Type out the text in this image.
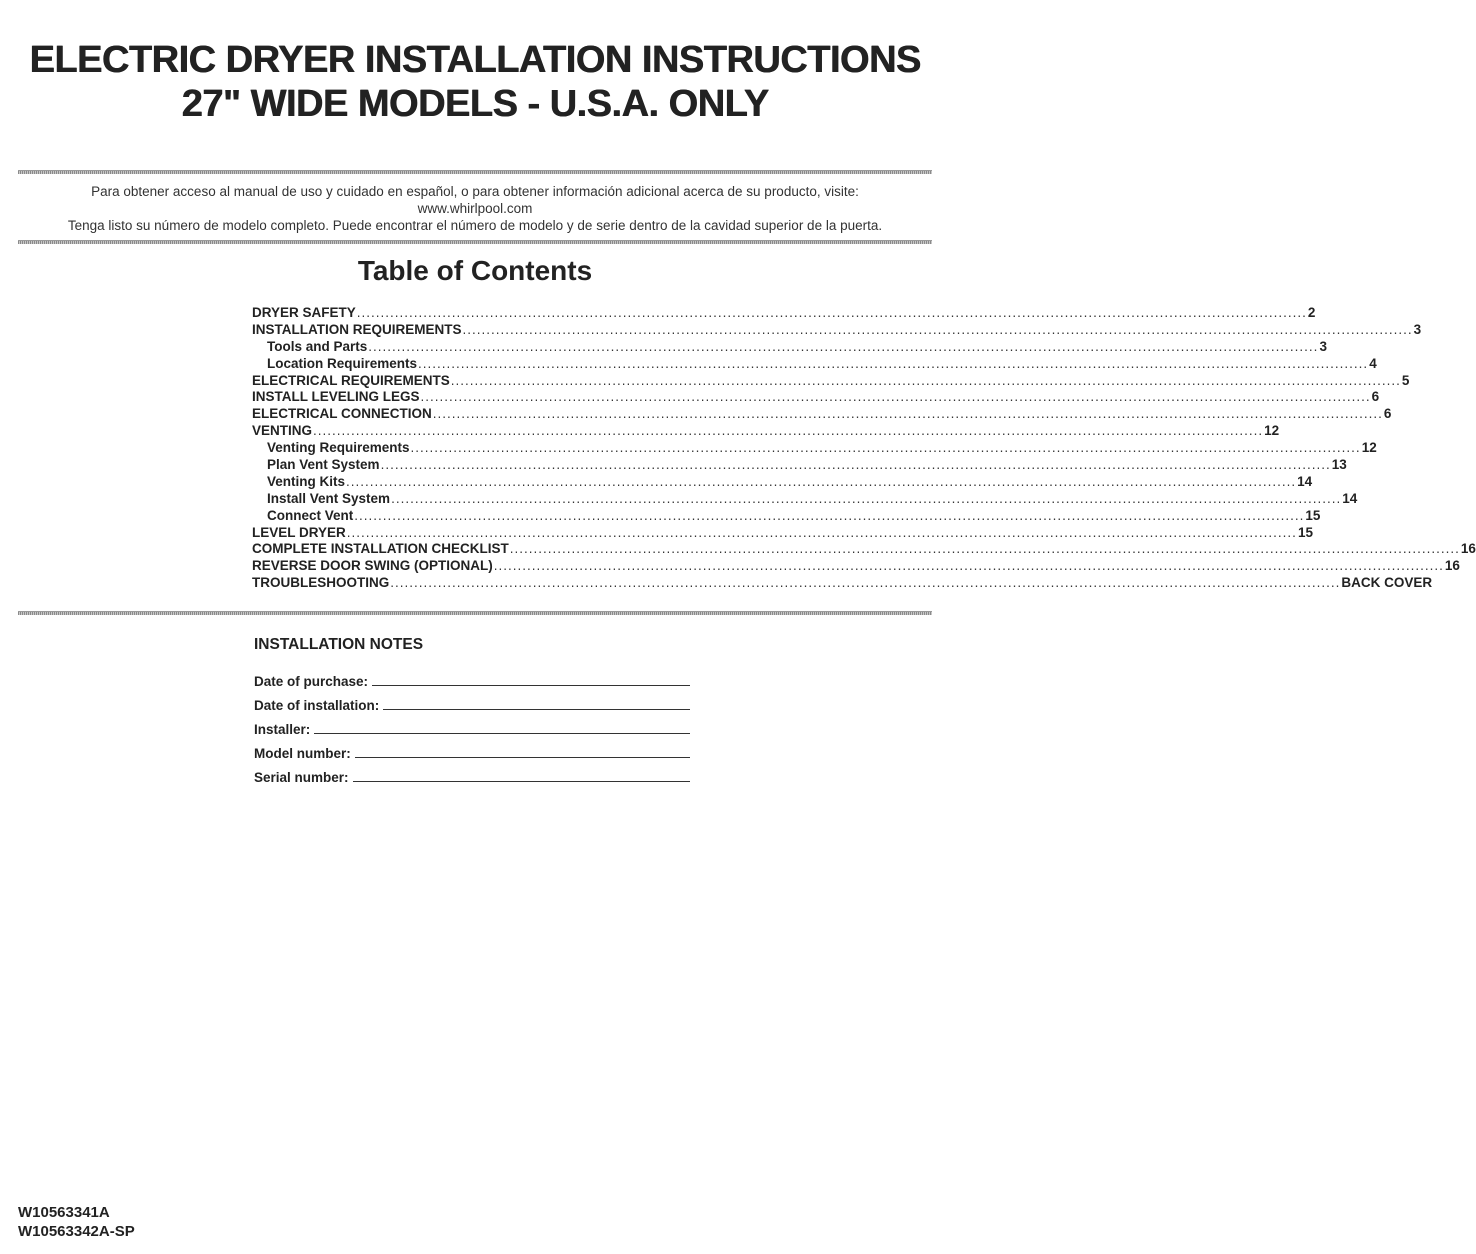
ELECTRIC DRYER INSTALLATION INSTRUCTIONS
27" WIDE MODELS - U.S.A. ONLY
Para obtener acceso al manual de uso y cuidado en español, o para obtener información adicional acerca de su producto, visite:
www.whirlpool.com
Tenga listo su número de modelo completo. Puede encontrar el número de modelo y de serie dentro de la cavidad superior de la puerta.
Table of Contents
DRYER SAFETY ........................................................................................................................................................................................................ 2
INSTALLATION REQUIREMENTS ........................................................................................................................................................................................................ 3
Tools and Parts ........................................................................................................................................................................................................ 3
Location Requirements ........................................................................................................................................................................................................ 4
ELECTRICAL REQUIREMENTS ........................................................................................................................................................................................................ 5
INSTALL LEVELING LEGS ........................................................................................................................................................................................................ 6
ELECTRICAL CONNECTION ........................................................................................................................................................................................................ 6
VENTING ........................................................................................................................................................................................................ 12
Venting Requirements ........................................................................................................................................................................................................ 12
Plan Vent System ........................................................................................................................................................................................................ 13
Venting Kits ........................................................................................................................................................................................................ 14
Install Vent System ........................................................................................................................................................................................................ 14
Connect Vent ........................................................................................................................................................................................................ 15
LEVEL DRYER ........................................................................................................................................................................................................ 15
COMPLETE INSTALLATION CHECKLIST ........................................................................................................................................................................................................ 16
REVERSE DOOR SWING (OPTIONAL) ........................................................................................................................................................................................................ 16
TROUBLESHOOTING ........................................................................................................................................................................................................ BACK COVER
INSTALLATION NOTES
Date of purchase:
Date of installation:
Installer:
Model number:
Serial number:
W10563341A
W10563342A-SP
